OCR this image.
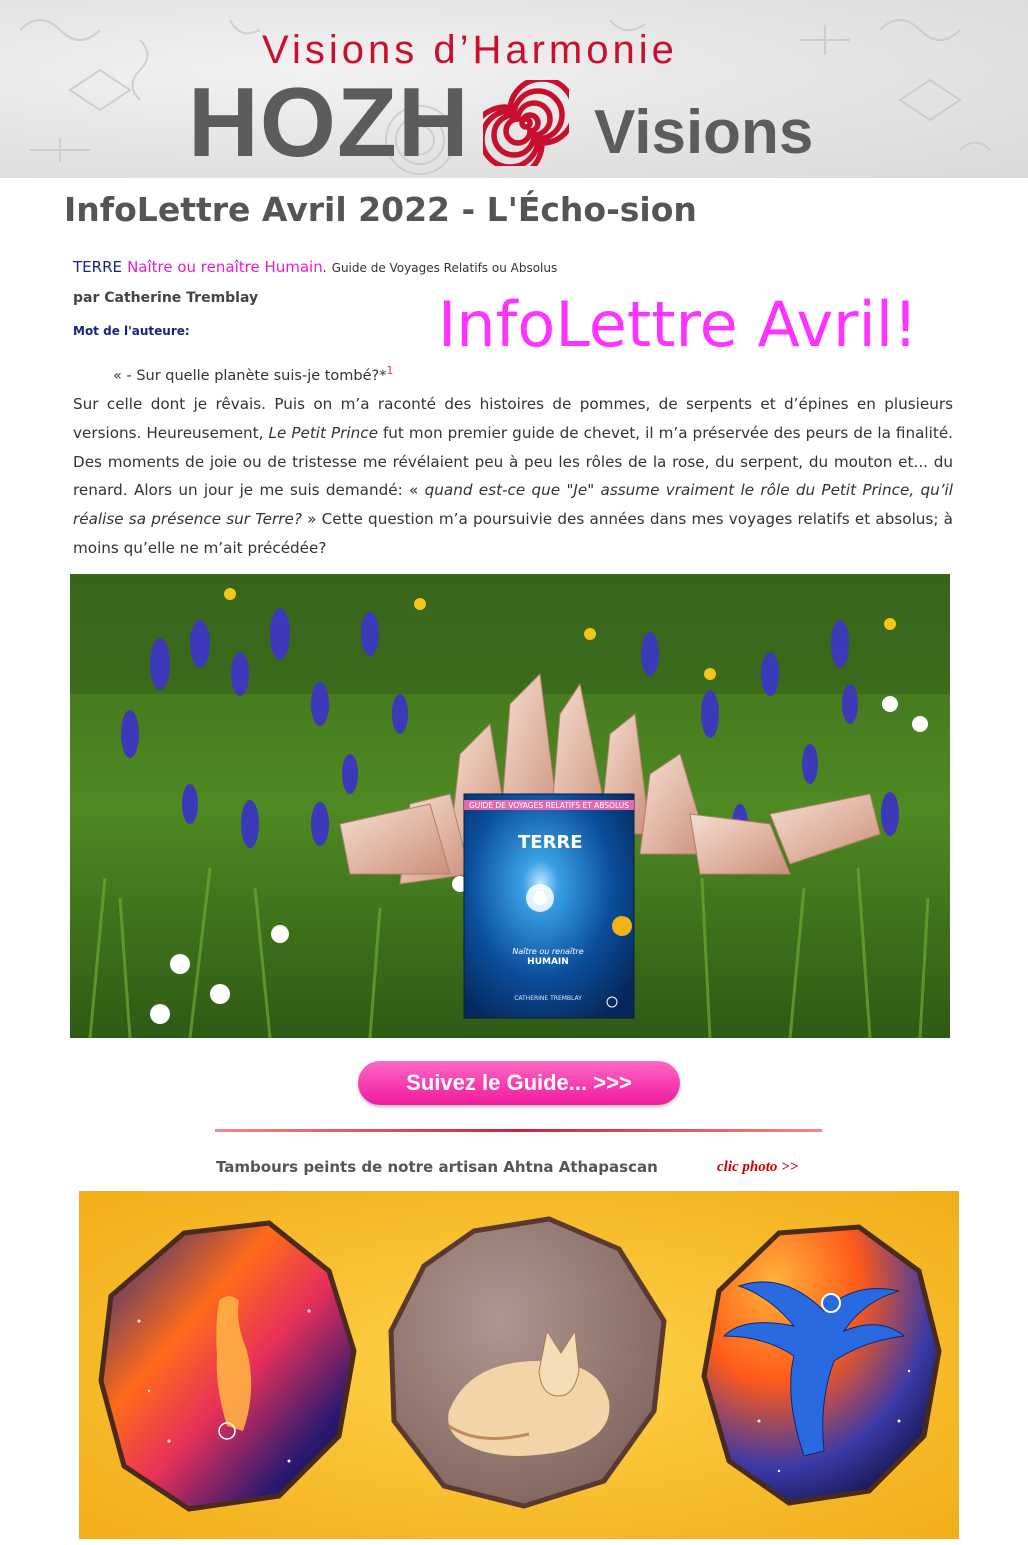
Visions d’Harmonie
HOZH Visions
InfoLettre Avril 2022 - L'Écho-sion
TERRE Naître ou renaître Humain. Guide de Voyages Relatifs ou Absolus
par Catherine Tremblay
Mot de l'auteure:	InfoLettre Avril!
« - Sur quelle planète suis-je tombé?*$^1$

Sur celle dont je rêvais. Puis on m’a raconté des histoires de pommes, de serpents et d’épines en plusieurs versions. Heureusement, Le Petit Prince fut mon premier guide de chevet, il m’a préservée des peurs de la finalité. Des moments de joie ou de tristesse me révélaient peu à peu les rôles de la rose, du serpent, du mouton et... du renard. Alors un jour je me suis demandé: « quand est-ce que "Je" assume vraiment le rôle du Petit Prince, qu’il réalise sa présence sur Terre? » Cette question m’a poursuivie des années dans mes voyages relatifs et absolus; à moins qu’elle ne m’ait précédée?

GUIDE DE VOYAGES RELATIFS ET ABSOLUS
TERRE
Naître ou renaître
HUMAIN
CATHERINE TREMBLAY
Suivez le Guide... >>>
Tambours peints de notre artisan Ahtna Athapascan	clic photo >>
